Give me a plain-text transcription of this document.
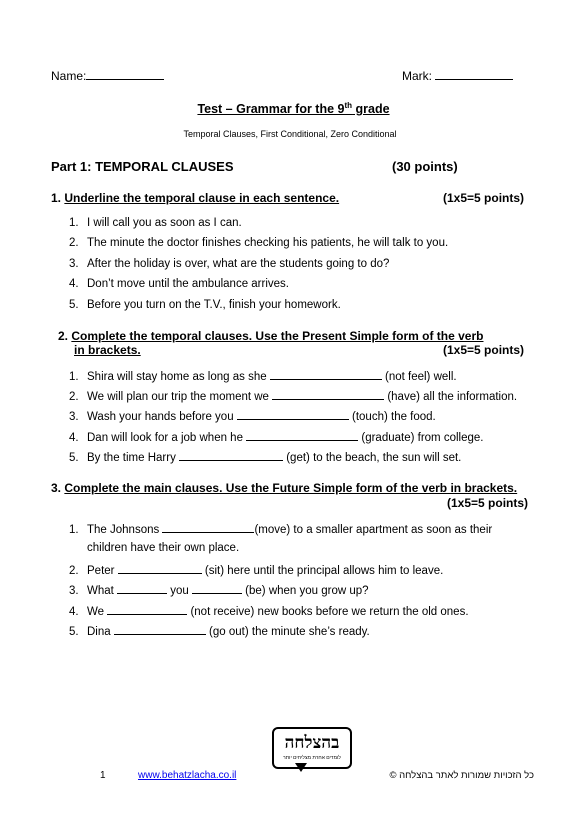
Name:	Mark:
Test – Grammar for the 9th grade
Temporal Clauses, First Conditional, Zero Conditional
Part 1: TEMPORAL CLAUSES	(30 points)
1. Underline the temporal clause in each sentence.	(1x5=5 points)
1. I will call you as soon as I can.
2. The minute the doctor finishes checking his patients, he will talk to you.
3. After the holiday is over, what are the students going to do?
4. Don’t move until the ambulance arrives.
5. Before you turn on the T.V., finish your homework.
2. Complete the temporal clauses. Use the Present Simple form of the verb
in brackets.	(1x5=5 points)
1. Shira will stay home as long as she	(not feel) well.
2. We will plan our trip the moment we	(have) all the information.
3. Wash your hands before you	(touch) the food.
4. Dan will look for a job when he	(graduate) from college.
5. By the time Harry	(get) to the beach, the sun will set.
3. Complete the main clauses. Use the Future Simple form of the verb in brackets.
(1x5=5 points)
1. The Johnsons	(move) to a smaller apartment as soon as their
children have their own place.
2. Peter	(sit) here until the principal allows him to leave.
3. What	you	(be) when you grow up?
4. We	(not receive) new books before we return the old ones.
5. Dina	(go out) the minute she’s ready.
בהצלחה
לומדים אחרת מצליחים יותר
1	www.behatzlacha.co.il	כל הזכויות שמורות לאתר בהצלחה ©
